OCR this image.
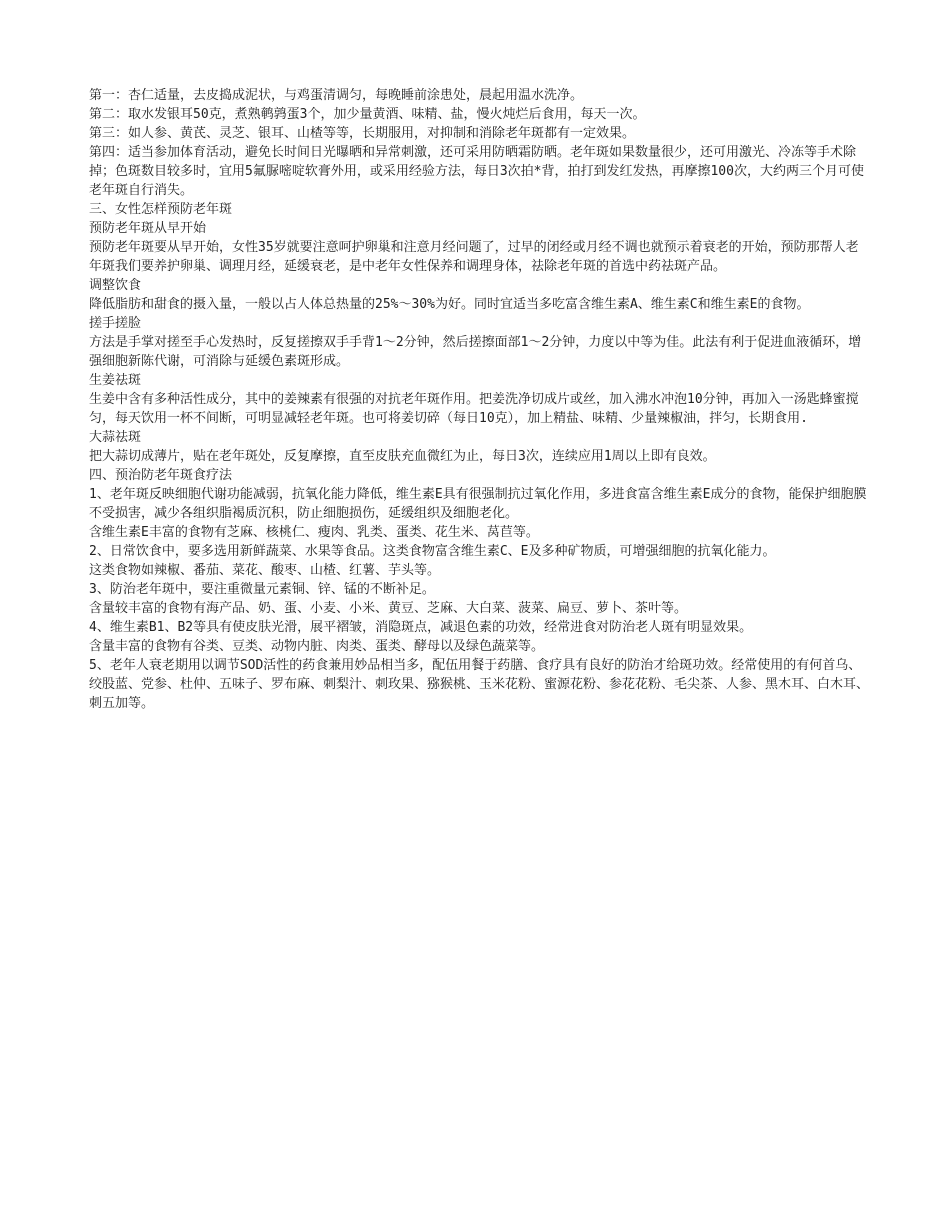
第一：杏仁适量，去皮捣成泥状，与鸡蛋清调匀，每晚睡前涂患处，晨起用温水洗净。

第二：取水发银耳50克，煮熟鹌鹑蛋3个，加少量黄酒、味精、盐，慢火炖烂后食用，每天一次。

第三：如人参、黄芪、灵芝、银耳、山楂等等，长期服用，对抑制和消除老年斑都有一定效果。

第四：适当参加体育活动，避免长时间日光曝晒和异常刺激，还可采用防晒霜防晒。老年斑如果数量很少，还可用激光、冷冻等手术除掉；色斑数目较多时，宜用5氟脲嘧啶软膏外用，或采用经验方法，每日3次拍*背，拍打到发红发热，再摩擦100次，大约两三个月可使老年斑自行消失。

三、女性怎样预防老年斑

预防老年斑从早开始

预防老年斑要从早开始，女性35岁就要注意呵护卵巢和注意月经问题了，过早的闭经或月经不调也就预示着衰老的开始，预防那帮人老年斑我们要养护卵巢、调理月经，延缓衰老，是中老年女性保养和调理身体，祛除老年斑的首选中药祛斑产品。

调整饮食

降低脂肪和甜食的摄入量，一般以占人体总热量的25%～30%为好。同时宜适当多吃富含维生素A、维生素C和维生素E的食物。

搓手搓脸

方法是手掌对搓至手心发热时，反复搓擦双手手背1～2分钟，然后搓擦面部1～2分钟，力度以中等为佳。此法有利于促进血液循环，增强细胞新陈代谢，可消除与延缓色素斑形成。

生姜祛斑

生姜中含有多种活性成分，其中的姜辣素有很强的对抗老年斑作用。把姜洗净切成片或丝，加入沸水冲泡10分钟，再加入一汤匙蜂蜜搅匀，每天饮用一杯不间断，可明显减轻老年斑。也可将姜切碎（每日10克），加上精盐、味精、少量辣椒油，拌匀，长期食用.

大蒜祛斑

把大蒜切成薄片，贴在老年斑处，反复摩擦，直至皮肤充血微红为止，每日3次，连续应用1周以上即有良效。

四、预治防老年斑食疗法

1、老年斑反映细胞代谢功能减弱，抗氧化能力降低，维生素E具有很强制抗过氧化作用，多进食富含维生素E成分的食物，能保护细胞膜不受损害，减少各组织脂褐质沉积，防止细胞损伤，延缓组织及细胞老化。

含维生素E丰富的食物有芝麻、核桃仁、瘦肉、乳类、蛋类、花生米、莴苣等。

2、日常饮食中，要多选用新鲜蔬菜、水果等食品。这类食物富含维生素C、E及多种矿物质，可增强细胞的抗氧化能力。

这类食物如辣椒、番茄、菜花、酸枣、山楂、红薯、芋头等。

3、防治老年斑中，要注重微量元素铜、锌、锰的不断补足。

含量较丰富的食物有海产品、奶、蛋、小麦、小米、黄豆、芝麻、大白菜、菠菜、扁豆、萝卜、茶叶等。

4、维生素B1、B2等具有使皮肤光滑，展平褶皱，消隐斑点，减退色素的功效，经常进食对防治老人斑有明显效果。

含量丰富的食物有谷类、豆类、动物内脏、肉类、蛋类、酵母以及绿色蔬菜等。

5、老年人衰老期用以调节SOD活性的药食兼用妙品相当多，配伍用餐于药膳、食疗具有良好的防治才给斑功效。经常使用的有何首乌、绞股蓝、党参、杜仲、五味子、罗布麻、刺梨汁、刺玫果、猕猴桃、玉米花粉、蜜源花粉、参花花粉、毛尖茶、人参、黑木耳、白木耳、刺五加等。
